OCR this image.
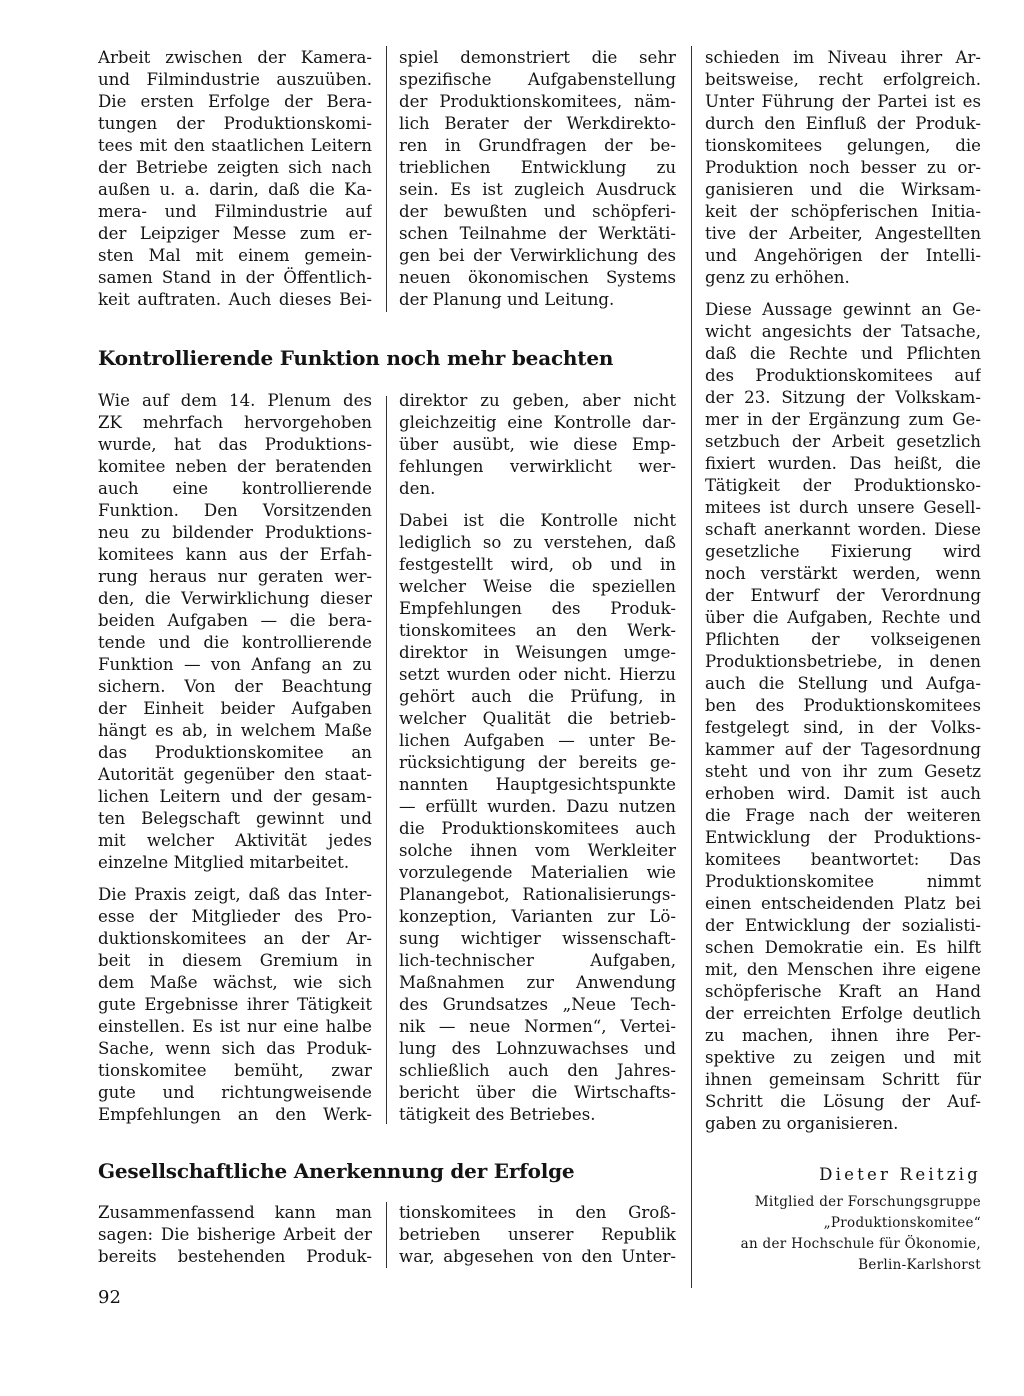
Arbeit zwischen der Kamera-
und Filmindustrie auszuüben.
Die ersten Erfolge der Bera-
tungen der Produktionskomi-
tees mit den staatlichen Leitern
der Betriebe zeigten sich nach
außen u. a. darin, daß die Ka-
mera- und Filmindustrie auf
der Leipziger Messe zum er-
sten Mal mit einem gemein-
samen Stand in der Öffentlich-
keit auftraten. Auch dieses Bei-
spiel demonstriert die sehr
spezifische Aufgabenstellung
der Produktionskomitees, näm-
lich Berater der Werkdirekto-
ren in Grundfragen der be-
trieblichen Entwicklung zu
sein. Es ist zugleich Ausdruck
der bewußten und schöpferi-
schen Teilnahme der Werktäti-
gen bei der Verwirklichung des
neuen ökonomischen Systems
der Planung und Leitung.
Wie auf dem 14. Plenum des
ZK mehrfach hervorgehoben
wurde, hat das Produktions-
komitee neben der beratenden
auch eine kontrollierende
Funktion. Den Vorsitzenden
neu zu bildender Produktions-
komitees kann aus der Erfah-
rung heraus nur geraten wer-
den, die Verwirklichung dieser
beiden Aufgaben — die bera-
tende und die kontrollierende
Funktion — von Anfang an zu
sichern. Von der Beachtung
der Einheit beider Aufgaben
hängt es ab, in welchem Maße
das Produktionskomitee an
Autorität gegenüber den staat-
lichen Leitern und der gesam-
ten Belegschaft gewinnt und
mit welcher Aktivität jedes
einzelne Mitglied mitarbeitet.
Die Praxis zeigt, daß das Inter-
esse der Mitglieder des Pro-
duktionskomitees an der Ar-
beit in diesem Gremium in
dem Maße wächst, wie sich
gute Ergebnisse ihrer Tätigkeit
einstellen. Es ist nur eine halbe
Sache, wenn sich das Produk-
tionskomitee bemüht, zwar
gute und richtungweisende
Empfehlungen an den Werk-
direktor zu geben, aber nicht
gleichzeitig eine Kontrolle dar-
über ausübt, wie diese Emp-
fehlungen verwirklicht wer-
den.
Dabei ist die Kontrolle nicht
lediglich so zu verstehen, daß
festgestellt wird, ob und in
welcher Weise die speziellen
Empfehlungen des Produk-
tionskomitees an den Werk-
direktor in Weisungen umge-
setzt wurden oder nicht. Hierzu
gehört auch die Prüfung, in
welcher Qualität die betrieb-
lichen Aufgaben — unter Be-
rücksichtigung der bereits ge-
nannten Hauptgesichtspunkte
— erfüllt wurden. Dazu nutzen
die Produktionskomitees auch
solche ihnen vom Werkleiter
vorzulegende Materialien wie
Planangebot, Rationalisierungs-
konzeption, Varianten zur Lö-
sung wichtiger wissenschaft-
lich-technischer Aufgaben,
Maßnahmen zur Anwendung
des Grundsatzes „Neue Tech-
nik — neue Normen“, Vertei-
lung des Lohnzuwachses und
schließlich auch den Jahres-
bericht über die Wirtschafts-
tätigkeit des Betriebes.
Zusammenfassend kann man
sagen: Die bisherige Arbeit der
bereits bestehenden Produk-
tionskomitees in den Groß-
betrieben unserer Republik
war, abgesehen von den Unter-
schieden im Niveau ihrer Ar-
beitsweise, recht erfolgreich.
Unter Führung der Partei ist es
durch den Einfluß der Produk-
tionskomitees gelungen, die
Produktion noch besser zu or-
ganisieren und die Wirksam-
keit der schöpferischen Initia-
tive der Arbeiter, Angestellten
und Angehörigen der Intelli-
genz zu erhöhen.
Diese Aussage gewinnt an Ge-
wicht angesichts der Tatsache,
daß die Rechte und Pflichten
des Produktionskomitees auf
der 23. Sitzung der Volkskam-
mer in der Ergänzung zum Ge-
setzbuch der Arbeit gesetzlich
fixiert wurden. Das heißt, die
Tätigkeit der Produktionsko-
mitees ist durch unsere Gesell-
schaft anerkannt worden. Diese
gesetzliche Fixierung wird
noch verstärkt werden, wenn
der Entwurf der Verordnung
über die Aufgaben, Rechte und
Pflichten der volkseigenen
Produktionsbetriebe, in denen
auch die Stellung und Aufga-
ben des Produktionskomitees
festgelegt sind, in der Volks-
kammer auf der Tagesordnung
steht und von ihr zum Gesetz
erhoben wird. Damit ist auch
die Frage nach der weiteren
Entwicklung der Produktions-
komitees beantwortet: Das
Produktionskomitee nimmt
einen entscheidenden Platz bei
der Entwicklung der sozialisti-
schen Demokratie ein. Es hilft
mit, den Menschen ihre eigene
schöpferische Kraft an Hand
der erreichten Erfolge deutlich
zu machen, ihnen ihre Per-
spektive zu zeigen und mit
ihnen gemeinsam Schritt für
Schritt die Lösung der Auf-
gaben zu organisieren.
Kontrollierende Funktion noch mehr beachten
Gesellschaftliche Anerkennung der Erfolge	Dieter Reitzig
Mitglied der Forschungsgruppe
„Produktionskomitee“
an der Hochschule für Ökonomie,
Berlin-Karlshorst
92
